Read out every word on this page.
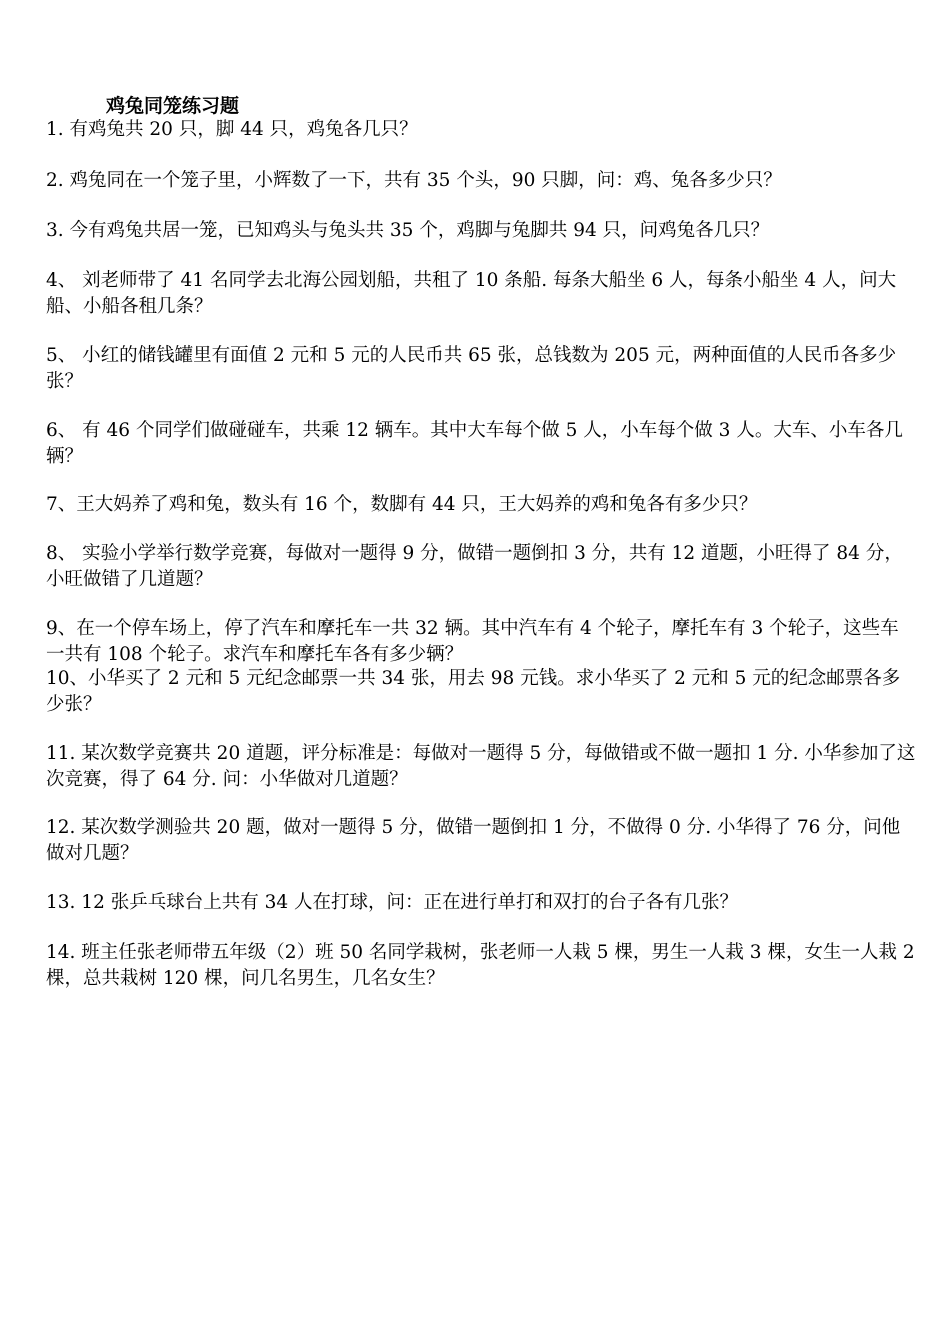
鸡兔同笼练习题
1. 有鸡兔共 20 只，脚 44 只，鸡兔各几只？
2. 鸡兔同在一个笼子里，小辉数了一下，共有 35 个头，90 只脚，问：鸡、兔各多少只？
3. 今有鸡兔共居一笼，已知鸡头与兔头共 35 个，鸡脚与兔脚共 94 只，问鸡兔各几只？
4、 刘老师带了 41 名同学去北海公园划船，共租了 10 条船. 每条大船坐 6 人，每条小船坐 4 人，问大船、小船各租几条？
5、 小红的储钱罐里有面值 2 元和 5 元的人民币共 65 张，总钱数为 205 元，两种面值的人民币各多少张？
6、 有 46 个同学们做碰碰车，共乘 12 辆车。其中大车每个做 5 人，小车每个做 3 人。大车、小车各几辆？
7、王大妈养了鸡和兔，数头有 16 个，数脚有 44 只，王大妈养的鸡和兔各有多少只？
8、 实验小学举行数学竞赛，每做对一题得 9 分，做错一题倒扣 3 分，共有 12 道题，小旺得了 84 分，小旺做错了几道题？
9、在一个停车场上，停了汽车和摩托车一共 32 辆。其中汽车有 4 个轮子，摩托车有 3 个轮子，这些车一共有 108 个轮子。求汽车和摩托车各有多少辆？
10、小华买了 2 元和 5 元纪念邮票一共 34 张，用去 98 元钱。求小华买了 2 元和 5 元的纪念邮票各多少张？
11. 某次数学竞赛共 20 道题，评分标准是：每做对一题得 5 分，每做错或不做一题扣 1 分. 小华参加了这次竞赛，得了 64 分. 问：小华做对几道题？
12. 某次数学测验共 20 题，做对一题得 5 分，做错一题倒扣 1 分，不做得 0 分. 小华得了 76 分，问他做对几题？
13. 12 张乒乓球台上共有 34 人在打球，问：正在进行单打和双打的台子各有几张？
14. 班主任张老师带五年级（2）班 50 名同学栽树，张老师一人栽 5 棵，男生一人栽 3 棵，女生一人栽 2 棵，总共栽树 120 棵，问几名男生，几名女生？
